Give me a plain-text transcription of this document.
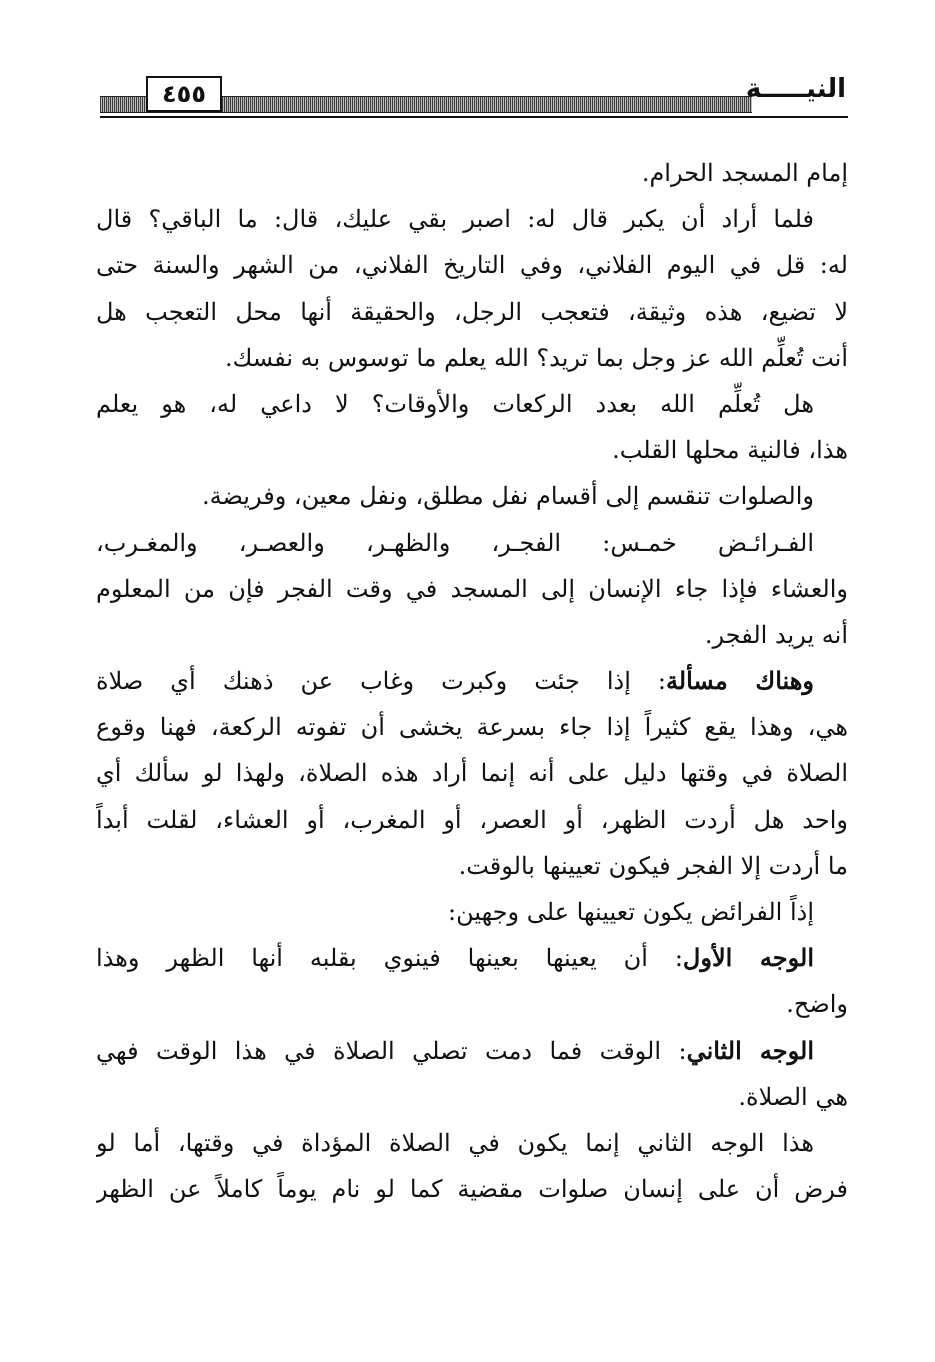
٤٥٥	النيـــــة
إمام المسجد الحرام.
فلما أراد أن يكبر قال له: اصبر بقي عليك، قال: ما الباقي؟ قال
له: قل في اليوم الفلاني، وفي التاريخ الفلاني، من الشهر والسنة حتى
لا تضيع، هذه وثيقة، فتعجب الرجل، والحقيقة أنها محل التعجب هل
أنت تُعلِّم الله عز وجل بما تريد؟ الله يعلم ما توسوس به نفسك.
هل تُعلِّم الله بعدد الركعات والأوقات؟ لا داعي له، هو يعلم
هذا، فالنية محلها القلب.
والصلوات تنقسم إلى أقسام نفل مطلق، ونفل معين، وفريضة.
الفـرائـض خمـس: الفجـر، والظهـر، والعصـر، والمغـرب،
والعشاء فإذا جاء الإنسان إلى المسجد في وقت الفجر فإن من المعلوم
أنه يريد الفجر.
وهناك مسألة: إذا جئت وكبرت وغاب عن ذهنك أي صلاة
هي، وهذا يقع كثيراً إذا جاء بسرعة يخشى أن تفوته الركعة، فهنا وقوع
الصلاة في وقتها دليل على أنه إنما أراد هذه الصلاة، ولهذا لو سألك أي
واحد هل أردت الظهر، أو العصر، أو المغرب، أو العشاء، لقلت أبداً
ما أردت إلا الفجر فيكون تعيينها بالوقت.
إذاً الفرائض يكون تعيينها على وجهين:
الوجه الأول: أن يعينها بعينها فينوي بقلبه أنها الظهر وهذا
واضح.
الوجه الثاني: الوقت فما دمت تصلي الصلاة في هذا الوقت فهي
هي الصلاة.
هذا الوجه الثاني إنما يكون في الصلاة المؤداة في وقتها، أما لو
فرض أن على إنسان صلوات مقضية كما لو نام يوماً كاملاً عن الظهر
